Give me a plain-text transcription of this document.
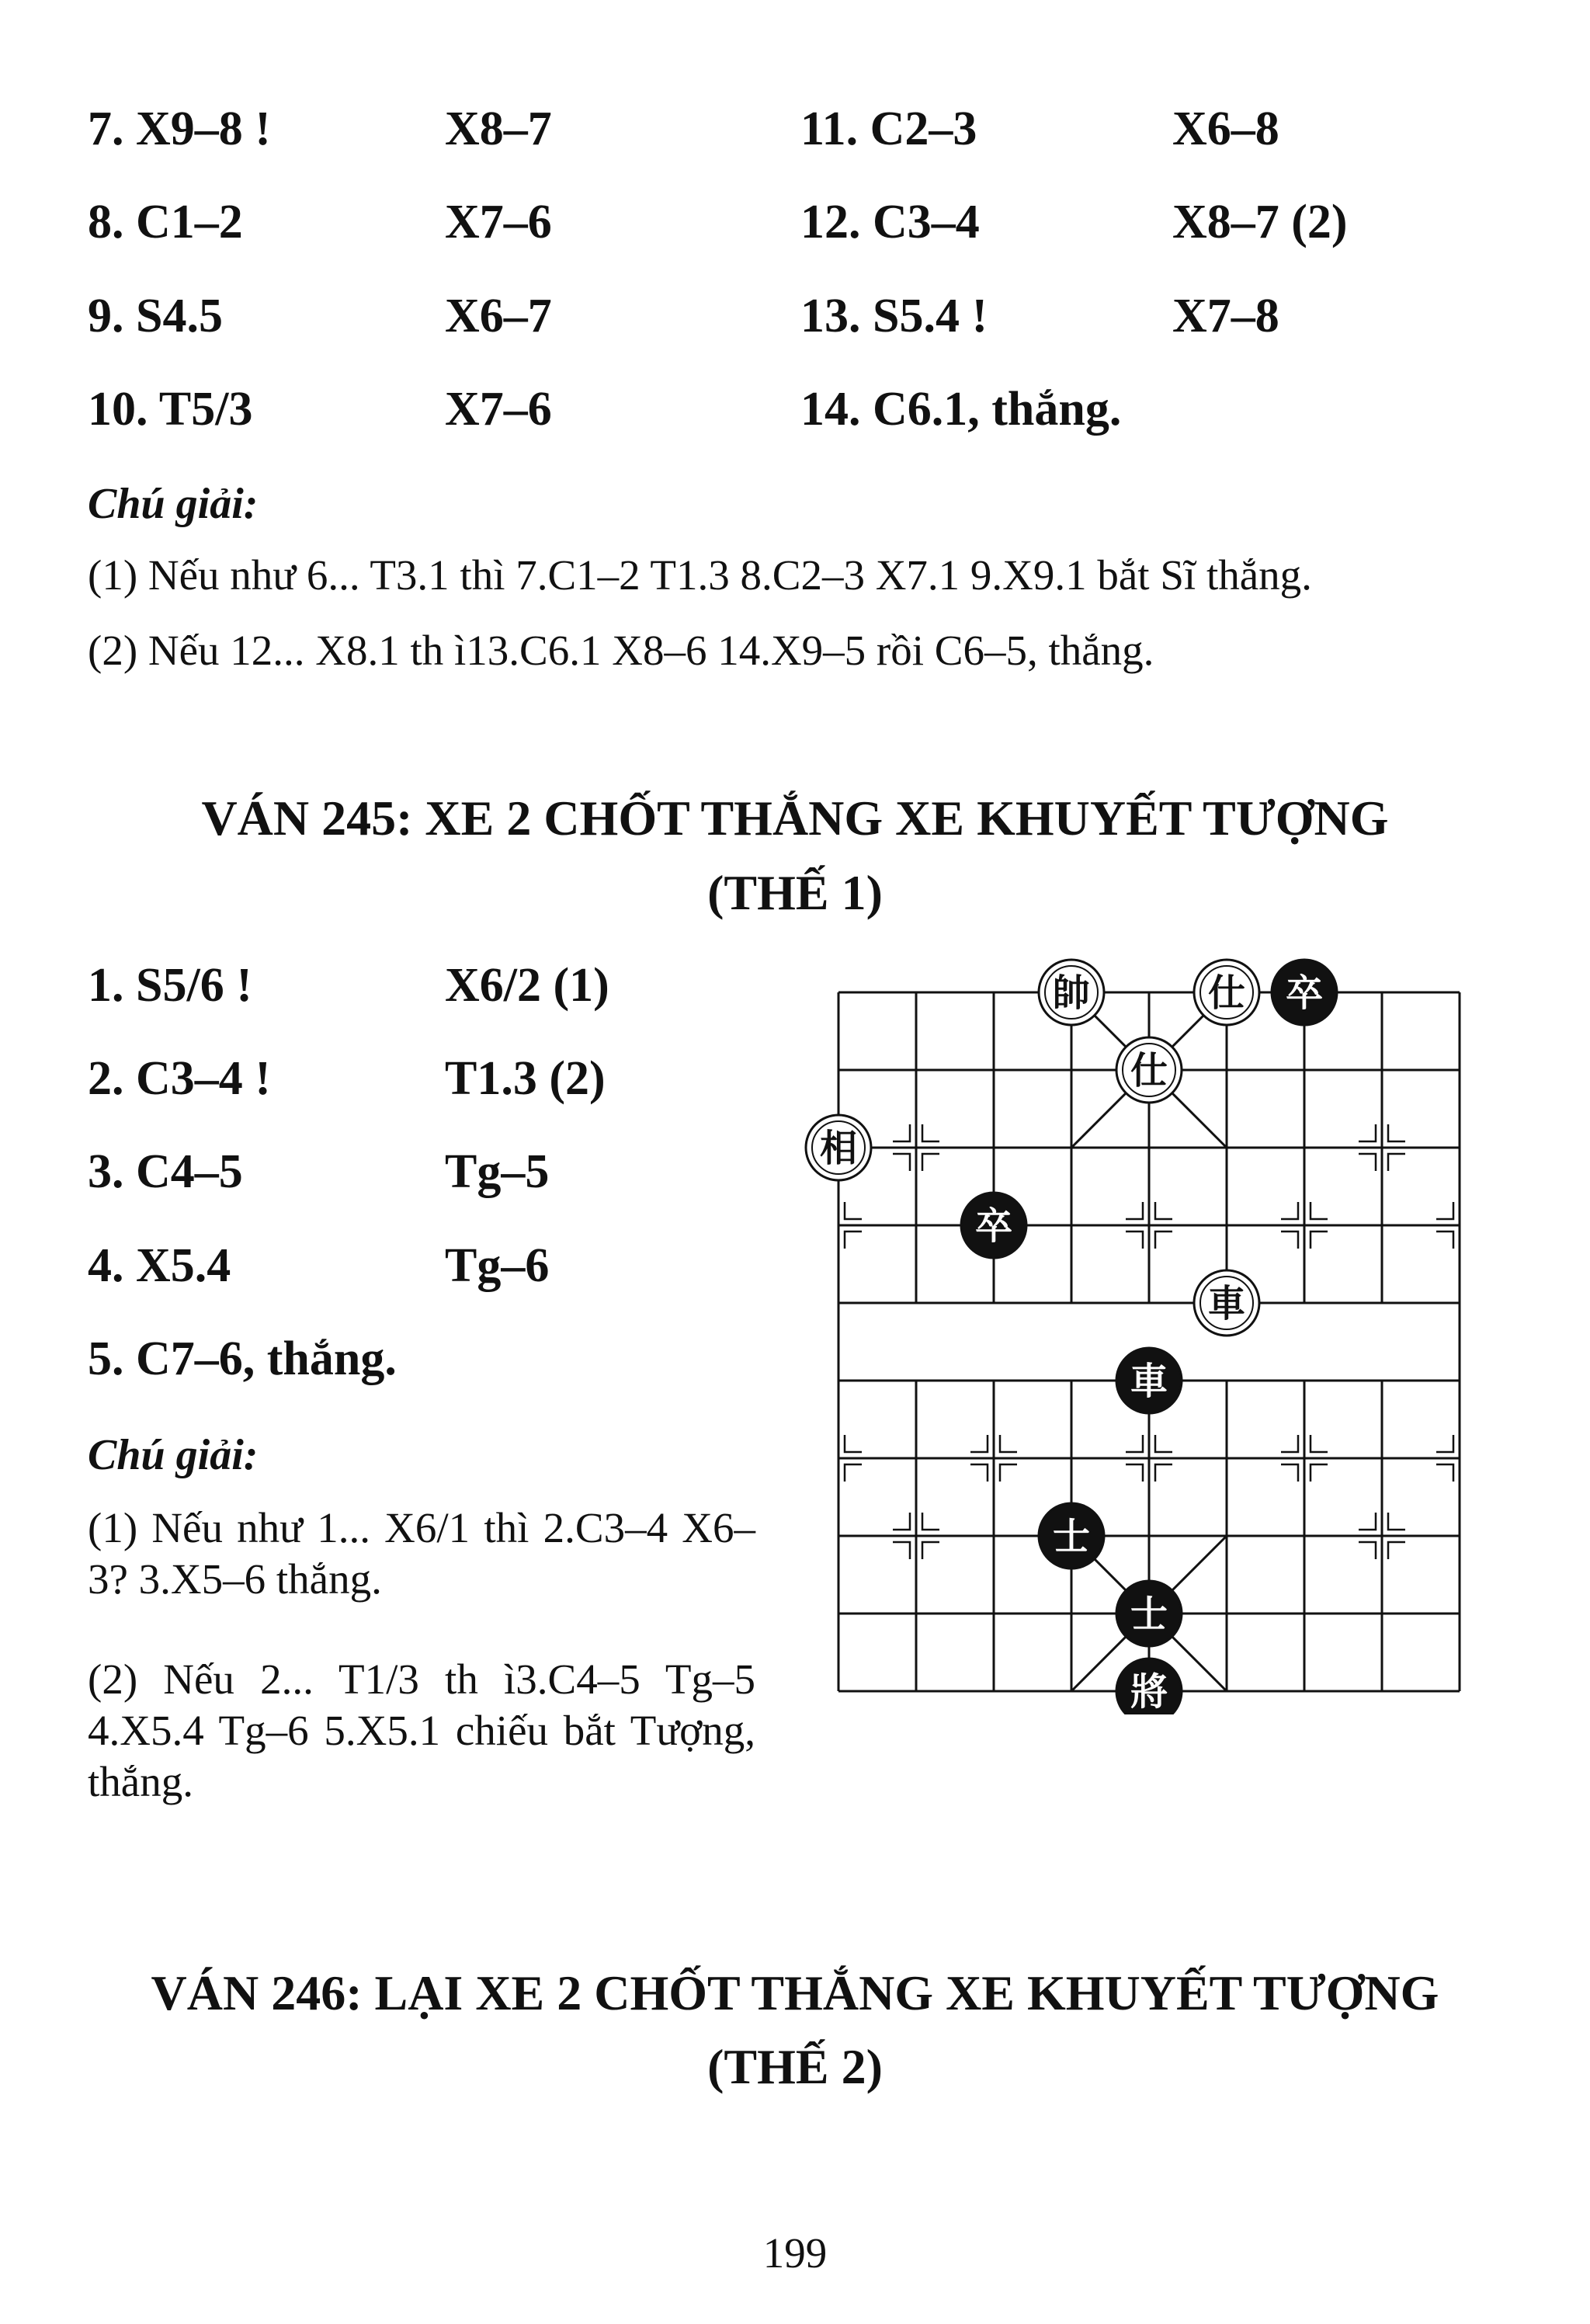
7. X9–8 !	X8–7	11. C2–3	X6–8
8. C1–2	X7–6	12. C3–4	X8–7 (2)
9. S4.5	X6–7	13. S5.4 !	X7–8
10. T5/3	X7–6	14. C6.1, thắng.
Chú giải:
(1) Nếu như 6... T3.1 thì 7.C1–2 T1.3 8.C2–3 X7.1 9.X9.1 bắt Sĩ thắng.
(2) Nếu 12... X8.1 th ì13.C6.1 X8–6 14.X9–5 rồi C6–5, thắng.
VÁN 245: XE 2 CHỐT THẮNG XE KHUYẾT TƯỢNG
(THẾ 1)
1. S5/6 !	X6/2 (1)
2. C3–4 !	T1.3 (2)
3. C4–5	Tg–5
4. X5.4	Tg–6
5. C7–6, thắng.
Chú giải:
(1) Nếu như 1... X6/1 thì 2.C3–4 X6–3? 3.X5–6 thắng.
(2) Nếu 2... T1/3 th ì3.C4–5 Tg–5 4.X5.4 Tg–6 5.X5.1 chiếu bắt Tượng, thắng.
帥	仕 卒
仕
相
卒
車
車
士
士
將
VÁN 246: LẠI XE 2 CHỐT THẮNG XE KHUYẾT TƯỢNG
(THẾ 2)
199
